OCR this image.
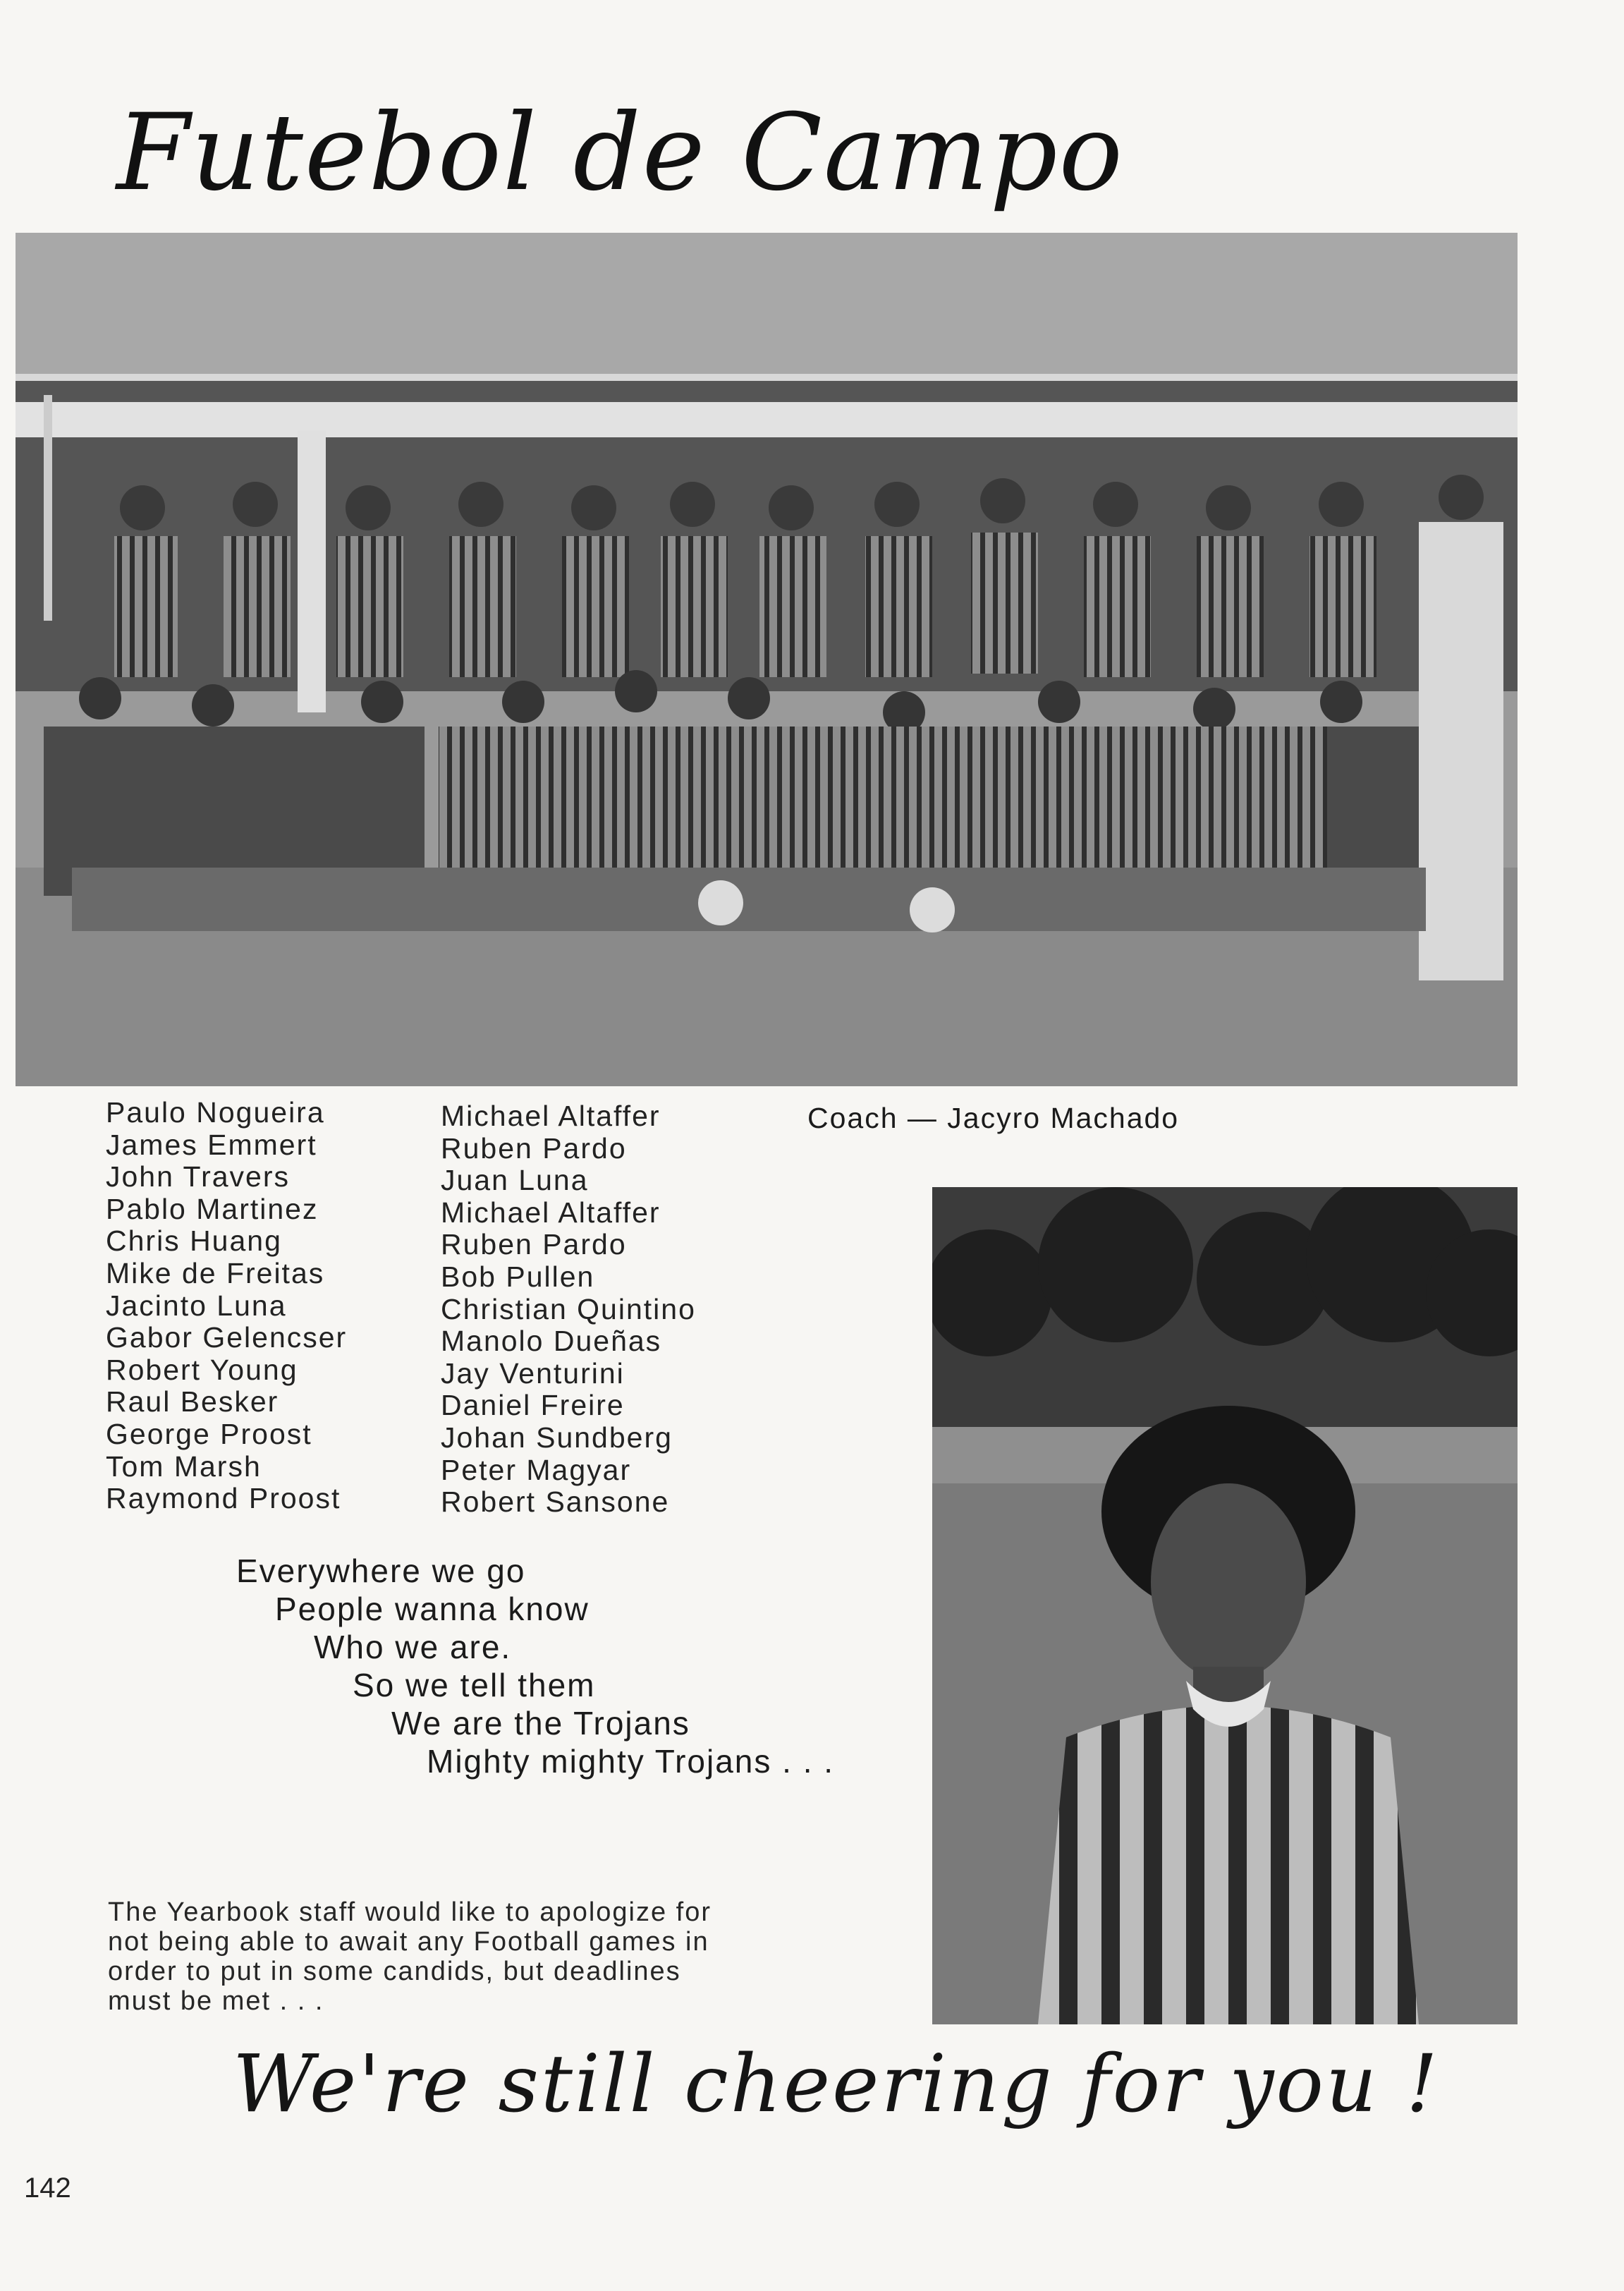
Futebol de Campo
Paulo Nogueira
James Emmert
John Travers
Pablo Martinez
Chris Huang
Mike de Freitas
Jacinto Luna
Gabor Gelencser
Robert Young
Raul Besker
George Proost
Tom Marsh
Raymond Proost
Michael Altaffer
Ruben Pardo
Juan Luna
Michael Altaffer
Ruben Pardo
Bob Pullen
Christian Quintino
Manolo Dueñas
Jay Venturini
Daniel Freire
Johan Sundberg
Peter Magyar
Robert Sansone
Coach — Jacyro Machado
Everywhere we go
People wanna know
Who we are.
So we tell them
We are the Trojans
Mighty mighty Trojans . . .
The Yearbook staff would like to apologize for
not being able to await any Football games in
order to put in some candids, but deadlines
must be met . . .
We're still cheering for you !
142
